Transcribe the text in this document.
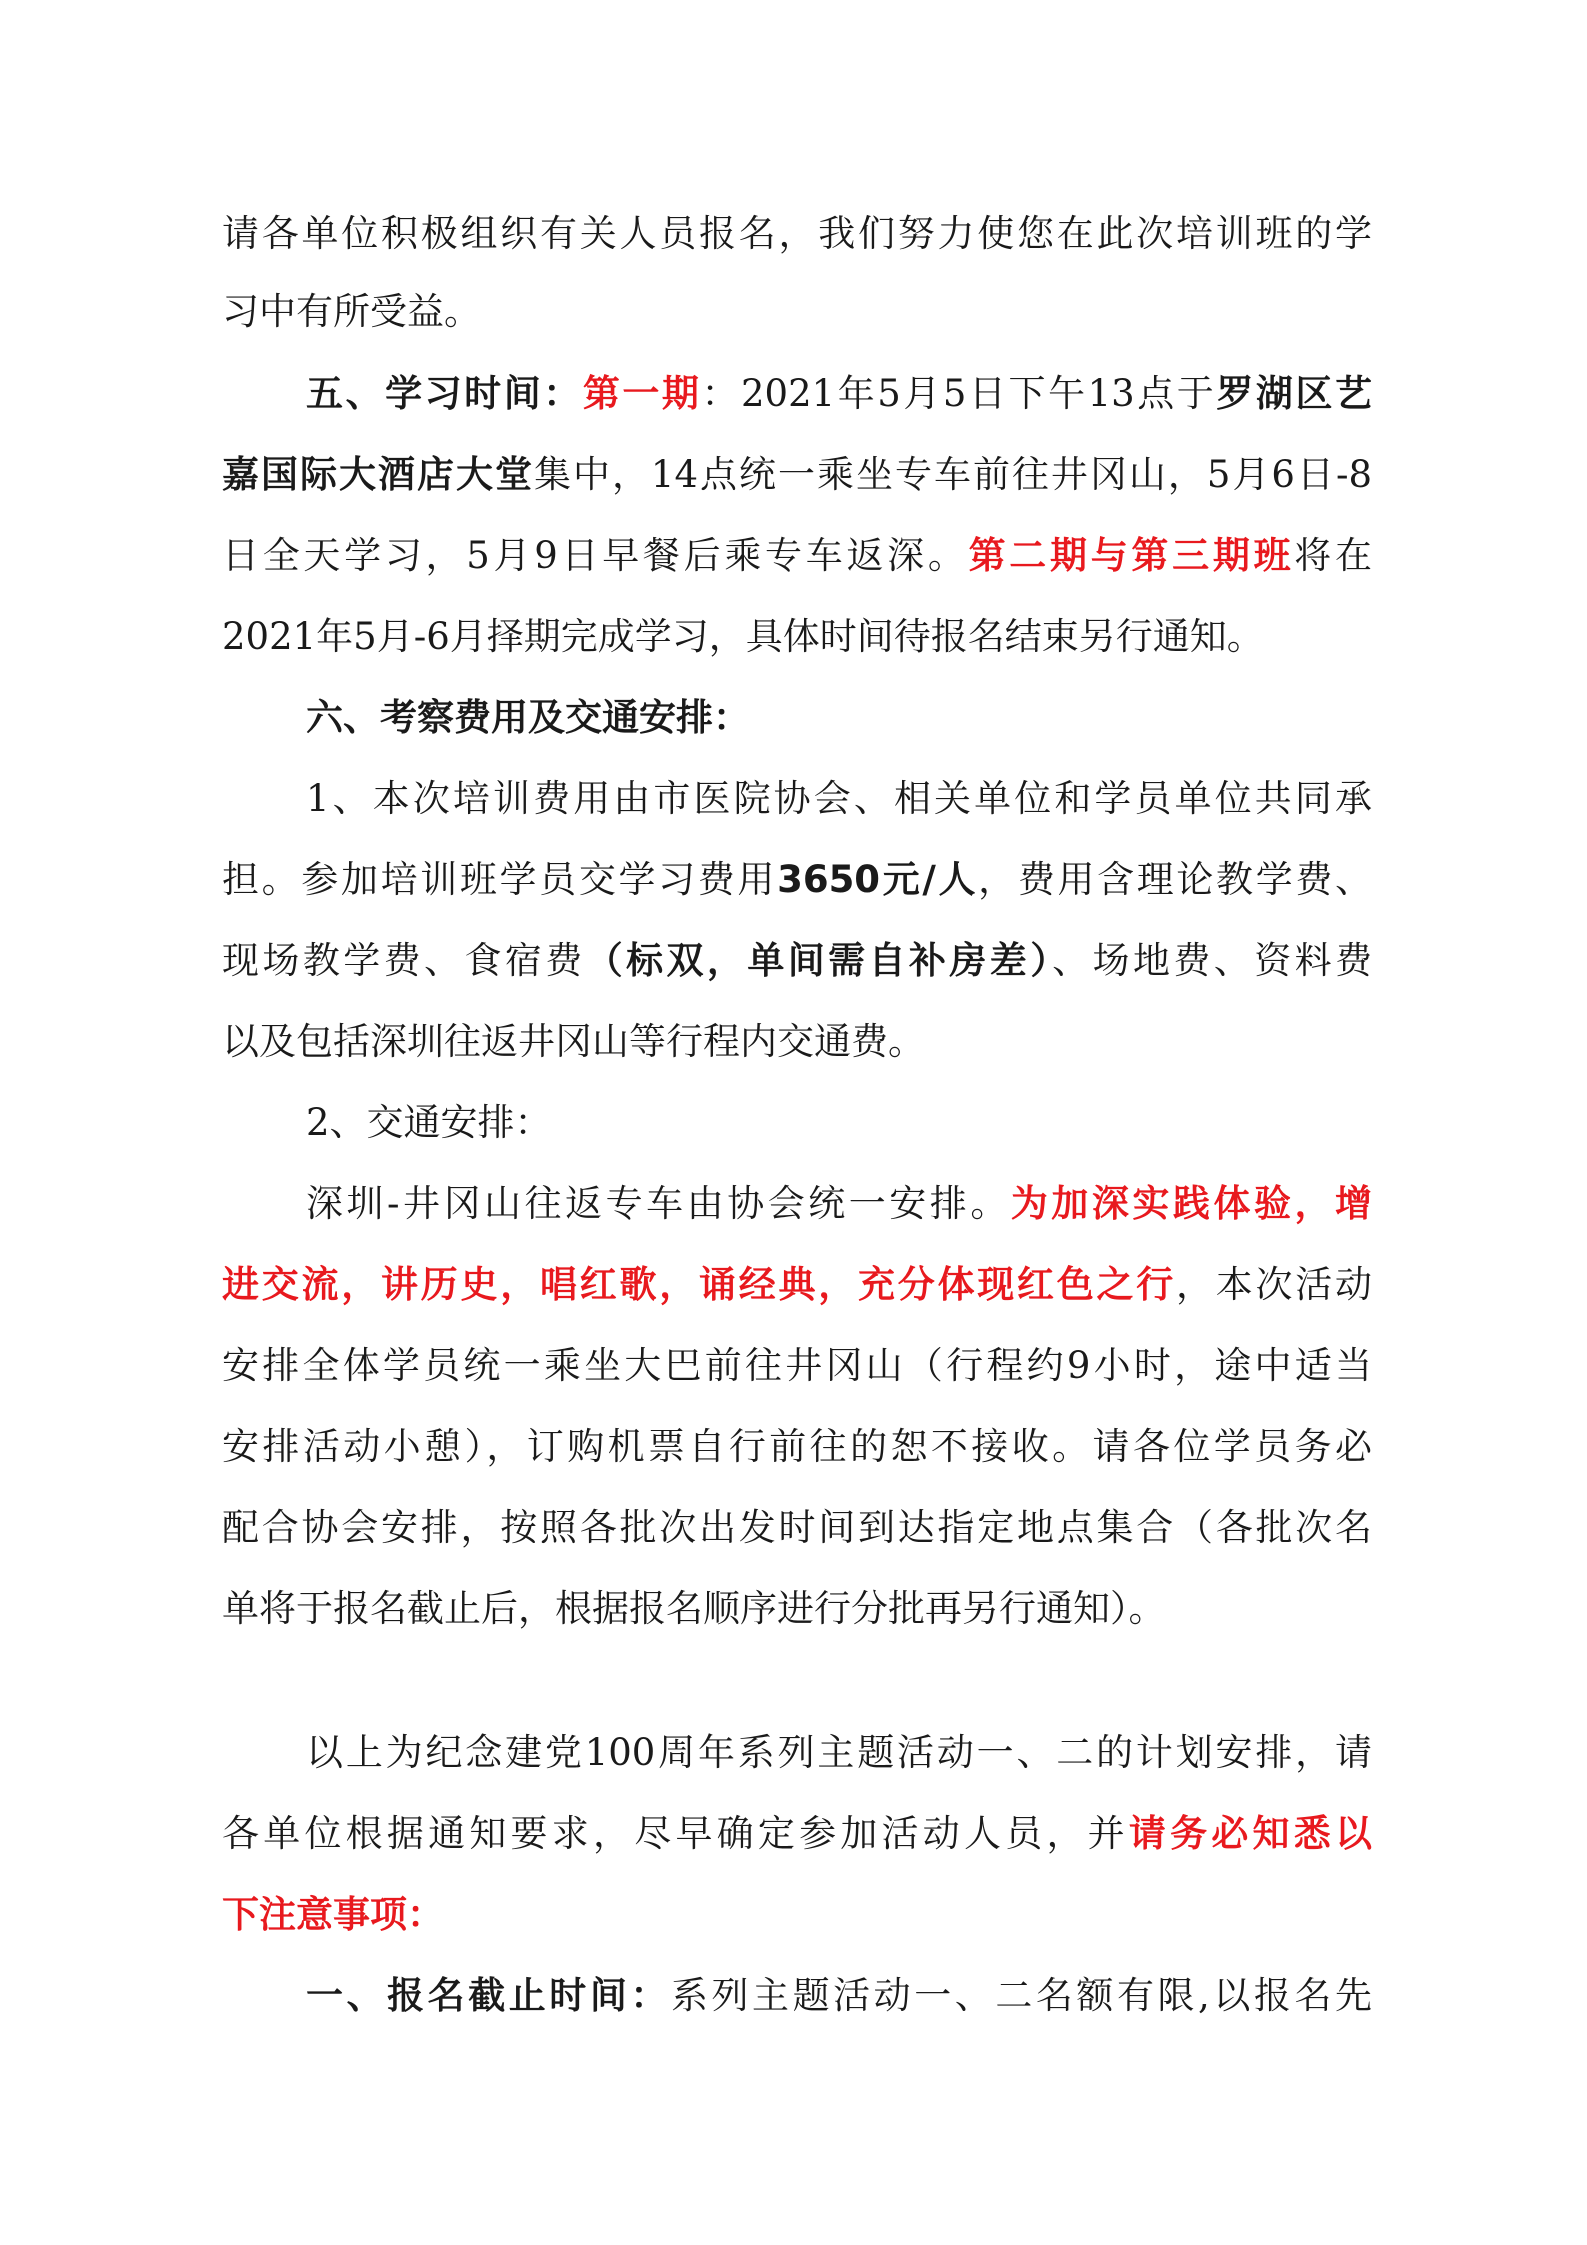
请各单位积极组织有关人员报名，我们努力使您在此次培训班的学
习中有所受益。
五、学习时间：第一期：2021年5月5日下午13点于罗湖区艺
嘉国际大酒店大堂集中，14点统一乘坐专车前往井冈山，5月6日-8
日全天学习，5月9日早餐后乘专车返深。第二期与第三期班将在
2021年5月-6月择期完成学习，具体时间待报名结束另行通知。
六、考察费用及交通安排：
1、本次培训费用由市医院协会、相关单位和学员单位共同承
担。参加培训班学员交学习费用3650元/人，费用含理论教学费、
现场教学费、食宿费（标双，单间需自补房差）、场地费、资料费
以及包括深圳往返井冈山等行程内交通费。
2、交通安排：
深圳-井冈山往返专车由协会统一安排。为加深实践体验，增
进交流，讲历史，唱红歌，诵经典，充分体现红色之行，本次活动
安排全体学员统一乘坐大巴前往井冈山（行程约9小时，途中适当
安排活动小憩），订购机票自行前往的恕不接收。请各位学员务必
配合协会安排，按照各批次出发时间到达指定地点集合（各批次名
单将于报名截止后，根据报名顺序进行分批再另行通知）。
以上为纪念建党100周年系列主题活动一、二的计划安排，请
各单位根据通知要求，尽早确定参加活动人员，并请务必知悉以
下注意事项：
一、报名截止时间：系列主题活动一、二名额有限,以报名先
